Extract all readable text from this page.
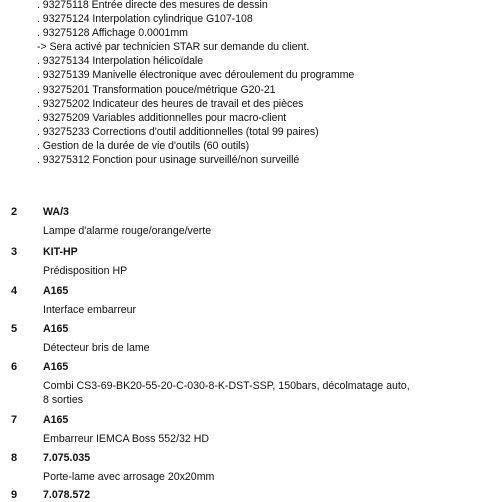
. 93275118 Entrée directe des mesures de dessin
. 93275124 Interpolation cylindrique G107-108
. 93275128 Affichage 0.0001mm
-> Sera activé par technicien STAR sur demande du client.
. 93275134 Interpolation hélicoïdale
. 93275139 Manivelle électronique avec déroulement du programme
. 93275201 Transformation pouce/métrique G20-21
. 93275202 Indicateur des heures de travail et des pièces
. 93275209 Variables additionnelles pour macro-client
. 93275233 Corrections d'outil additionnelles (total 99 paires)
. Gestion de la durée de vie d'outils (60 outils)
. 93275312 Fonction pour usinage surveillé/non surveillé
2 WA/3
Lampe d'alarme rouge/orange/verte
3 KIT-HP
Prédisposition HP
4 A165
Interface embarreur
5 A165
Détecteur bris de lame
6 A165
Combi CS3-69-BK20-55-20-C-030-8-K-DST-SSP, 150bars, décolmatage auto,
8 sorties
7 A165
Embarreur IEMCA Boss 552/32 HD
8 7.075.035
Porte-lame avec arrosage 20x20mm
9 7.078.572
